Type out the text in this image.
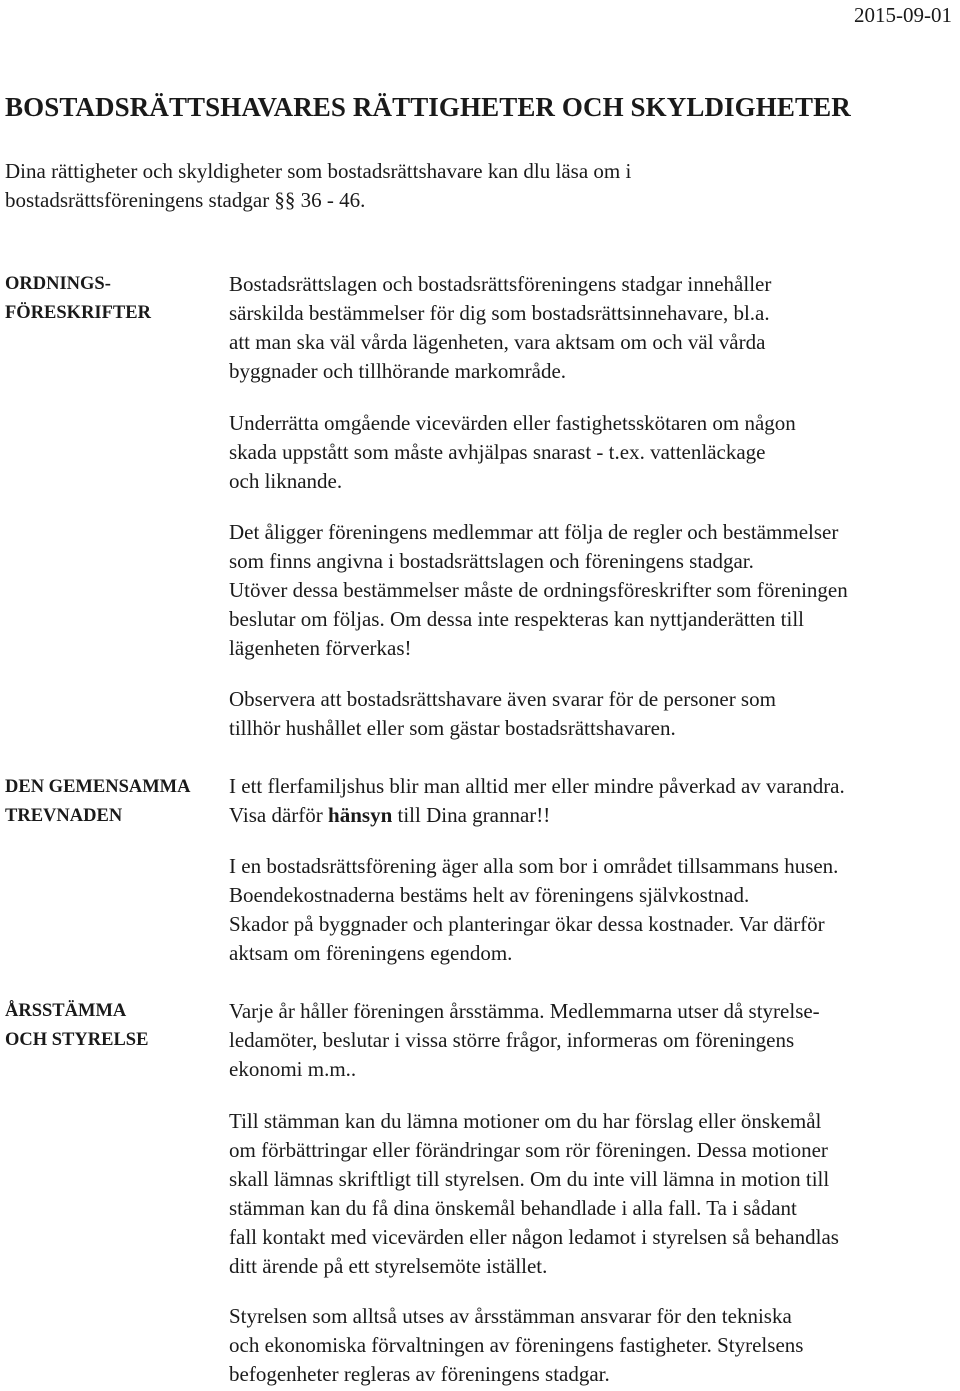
2015-09-01
BOSTADSRÄTTSHAVARES RÄTTIGHETER OCH SKYLDIGHETER

Dina rättigheter och skyldigheter som bostadsrättshavare kan dlu läsa om i
bostadsrättsföreningens stadgar §§ 36 - 46.

ORDNINGS-
FÖRESKRIFTER

Bostadsrättslagen och bostadsrättsföreningens stadgar innehåller
särskilda bestämmelser för dig som bostadsrättsinnehavare, bl.a.
att man ska väl vårda lägenheten, vara aktsam om och väl vårda
byggnader och tillhörande markområde.

Underrätta omgående vicevärden eller fastighetsskötaren om någon
skada uppstått som måste avhjälpas snarast - t.ex. vattenläckage
och liknande.

Det åligger föreningens medlemmar att följa de regler och bestämmelser
som finns angivna i bostadsrättslagen och föreningens stadgar.
Utöver dessa bestämmelser måste de ordningsföreskrifter som föreningen
beslutar om följas. Om dessa inte respekteras kan nyttjanderätten till
lägenheten förverkas!

Observera att bostadsrättshavare även svarar för de personer som
tillhör hushållet eller som gästar bostadsrättshavaren.

DEN GEMENSAMMA
TREVNADEN

I ett flerfamiljshus blir man alltid mer eller mindre påverkad av varandra.
Visa därför hänsyn till Dina grannar!!

I en bostadsrättsförening äger alla som bor i området tillsammans husen.
Boendekostnaderna bestäms helt av föreningens självkostnad.
Skador på byggnader och planteringar ökar dessa kostnader. Var därför
aktsam om föreningens egendom.

ÅRSSTÄMMA
OCH STYRELSE

Varje år håller föreningen årsstämma. Medlemmarna utser då styrelse-
ledamöter, beslutar i vissa större frågor, informeras om föreningens
ekonomi m.m..

Till stämman kan du lämna motioner om du har förslag eller önskemål
om förbättringar eller förändringar som rör föreningen. Dessa motioner
skall lämnas skriftligt till styrelsen. Om du inte vill lämna in motion till
stämman kan du få dina önskemål behandlade i alla fall. Ta i sådant
fall kontakt med vicevärden eller någon ledamot i styrelsen så behandlas
ditt ärende på ett styrelsemöte istället.

Styrelsen som alltså utses av årsstämman ansvarar för den tekniska
och ekonomiska förvaltningen av föreningens fastigheter. Styrelsens
befogenheter regleras av föreningens stadgar.
